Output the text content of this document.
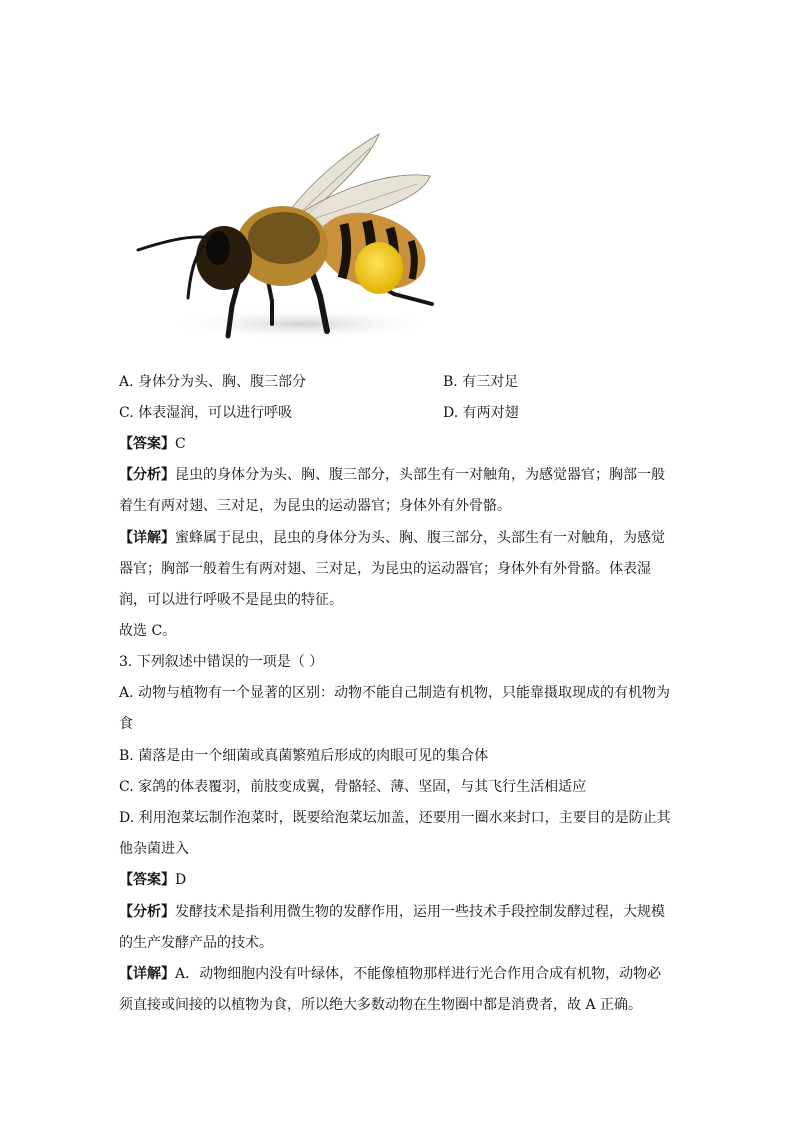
A. 身体分为头、胸、腹三部分	B. 有三对足
C. 体表湿润，可以进行呼吸	D. 有两对翅
【答案】C
【分析】昆虫的身体分为头、胸、腹三部分，头部生有一对触角，为感觉器官；胸部一般
着生有两对翅、三对足，为昆虫的运动器官；身体外有外骨骼。
【详解】蜜蜂属于昆虫，昆虫的身体分为头、胸、腹三部分，头部生有一对触角，为感觉
器官；胸部一般着生有两对翅、三对足，为昆虫的运动器官；身体外有外骨骼。体表湿
润，可以进行呼吸不是昆虫的特征。
故选 C。
3. 下列叙述中错误的一项是（ ）
A. 动物与植物有一个显著的区别：动物不能自己制造有机物，只能靠摄取现成的有机物为
食
B. 菌落是由一个细菌或真菌繁殖后形成的肉眼可见的集合体
C. 家鸽的体表覆羽，前肢变成翼，骨骼轻、薄、坚固，与其飞行生活相适应
D. 利用泡菜坛制作泡菜时，既要给泡菜坛加盖，还要用一圈水来封口，主要目的是防止其
他杂菌进入
【答案】D
【分析】发酵技术是指利用微生物的发酵作用，运用一些技术手段控制发酵过程，大规模
的生产发酵产品的技术。
【详解】A．动物细胞内没有叶绿体，不能像植物那样进行光合作用合成有机物，动物必
须直接或间接的以植物为食，所以绝大多数动物在生物圈中都是消费者，故 A 正确。
